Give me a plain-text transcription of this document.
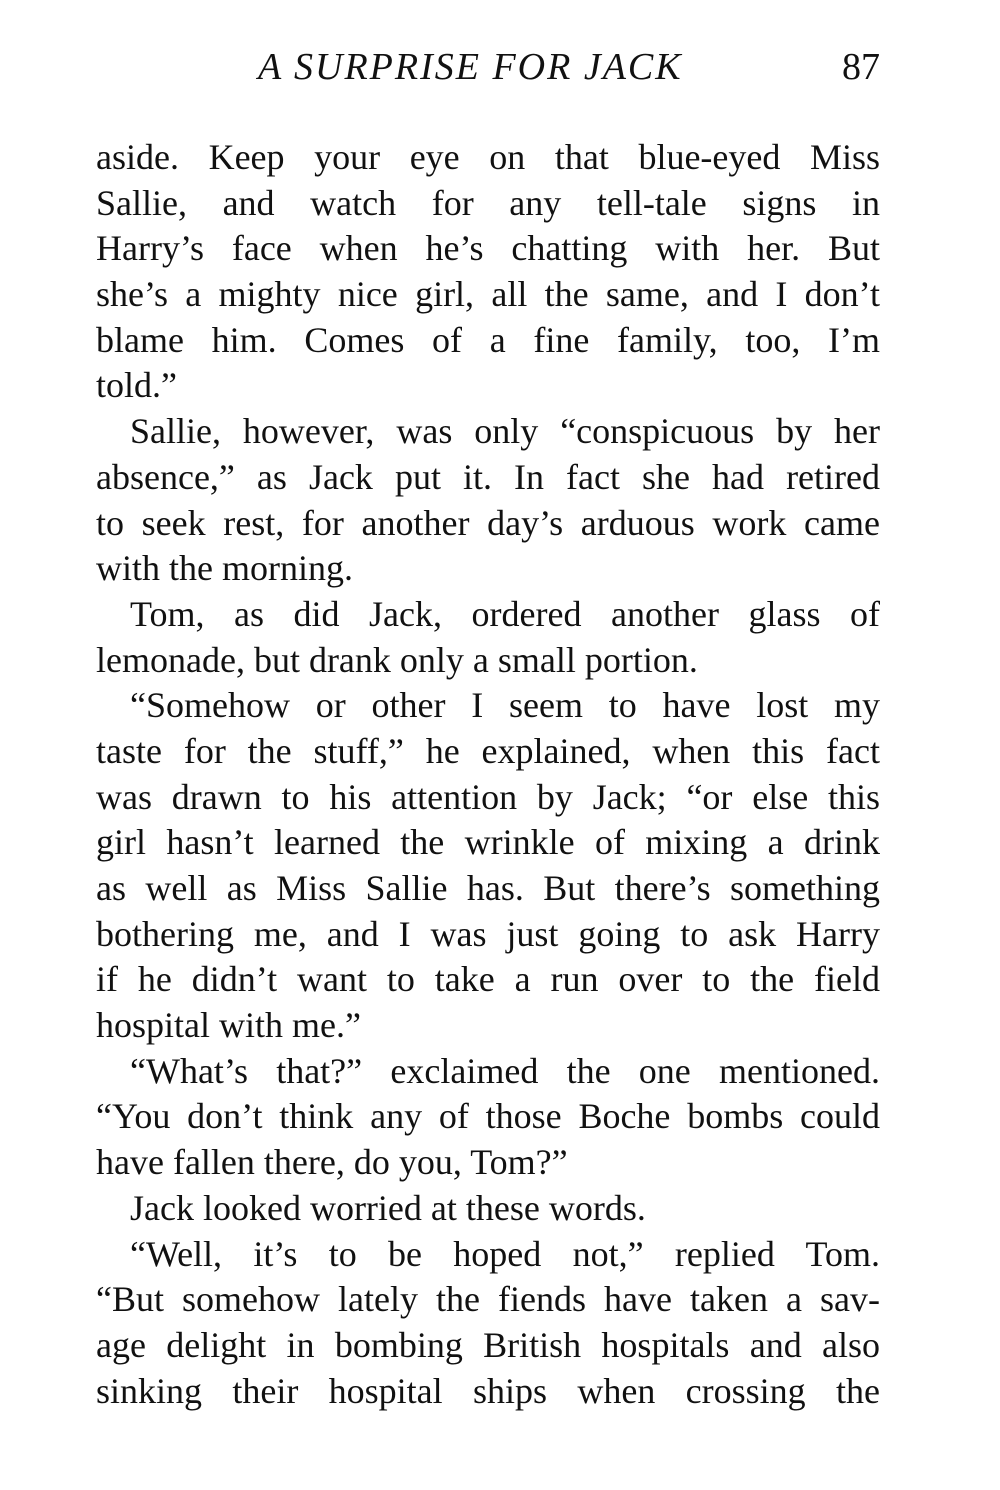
A SURPRISE FOR JACK	87

aside. Keep your eye on that blue-eyed Miss
Sallie, and watch for any tell-tale signs in
Harry’s face when he’s chatting with her. But
she’s a mighty nice girl, all the same, and I don’t
blame him. Comes of a fine family, too, I’m
told.”

Sallie, however, was only “conspicuous by her
absence,” as Jack put it. In fact she had retired
to seek rest, for another day’s arduous work came
with the morning.

Tom, as did Jack, ordered another glass of
lemonade, but drank only a small portion.

“Somehow or other I seem to have lost my
taste for the stuff,” he explained, when this fact
was drawn to his attention by Jack; “or else this
girl hasn’t learned the wrinkle of mixing a drink
as well as Miss Sallie has. But there’s something
bothering me, and I was just going to ask Harry
if he didn’t want to take a run over to the field
hospital with me.”

“What’s that?” exclaimed the one mentioned.
“You don’t think any of those Boche bombs could
have fallen there, do you, Tom?”

Jack looked worried at these words.

“Well, it’s to be hoped not,” replied Tom.
“But somehow lately the fiends have taken a sav-
age delight in bombing British hospitals and also
sinking their hospital ships when crossing the
